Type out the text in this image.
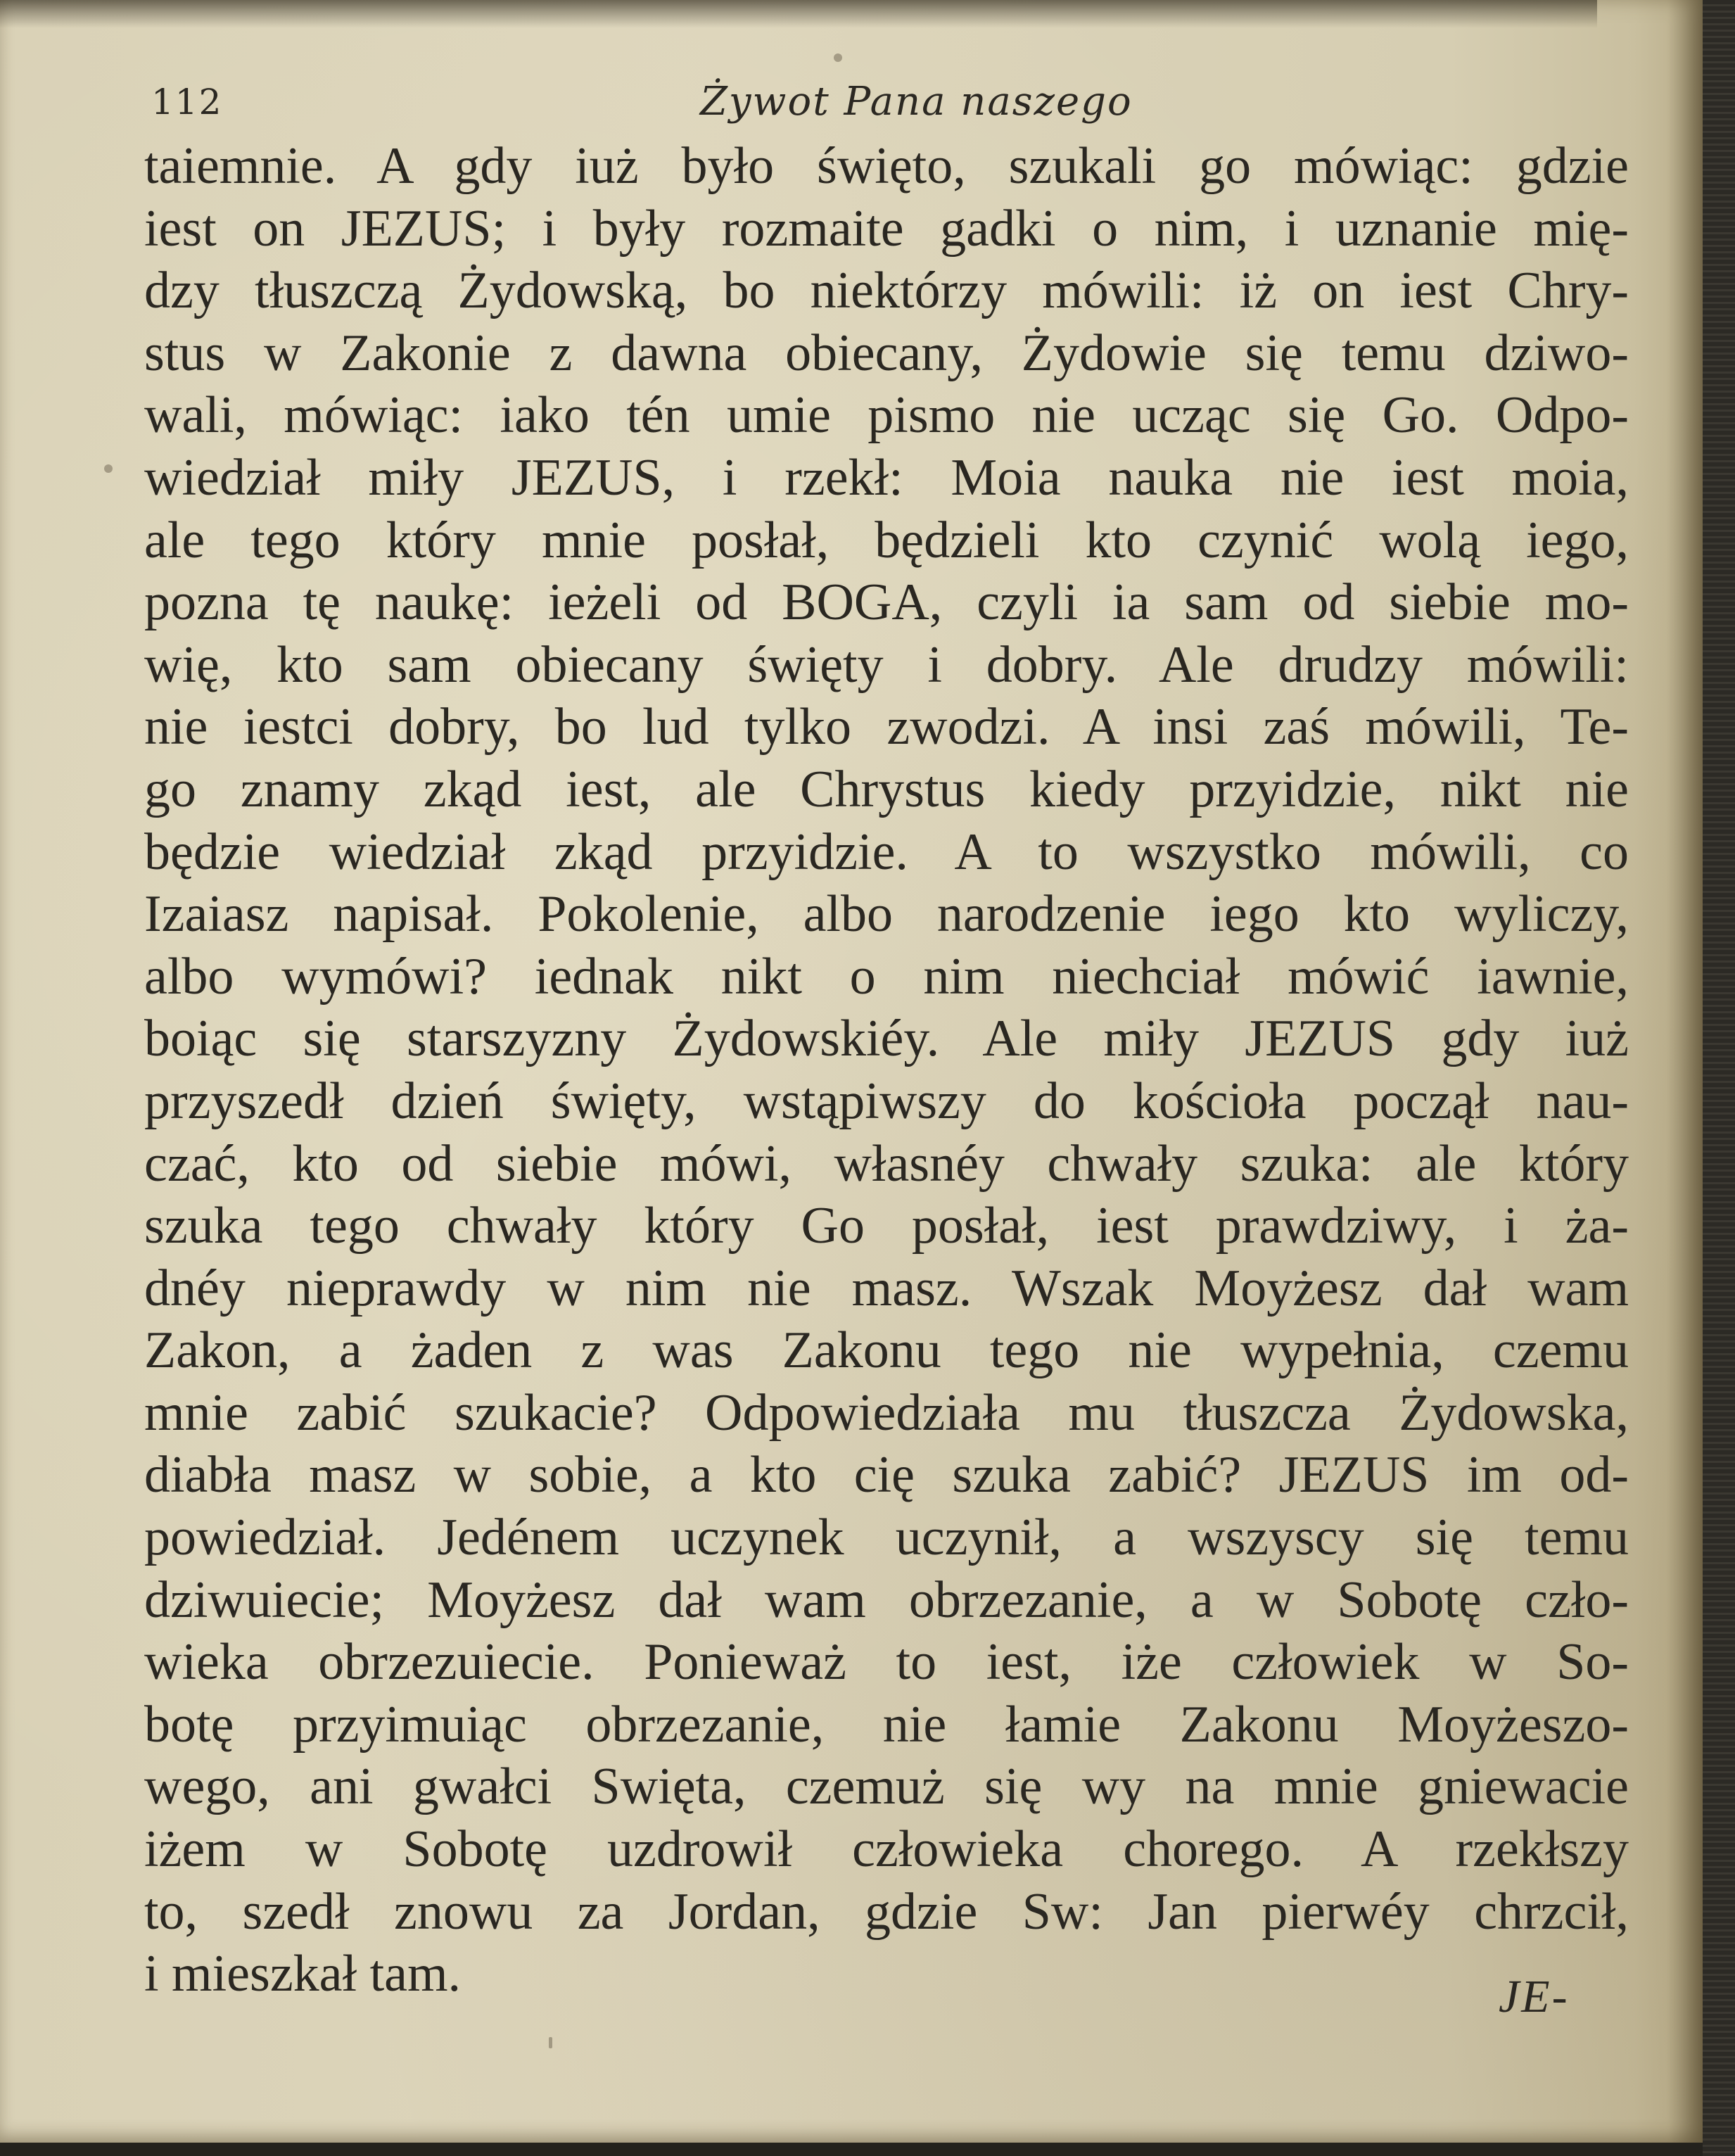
112	Żywot Pana naszego
taiemnie. A gdy iuż było święto, szukali go mówiąc: gdzie
iest on JEZUS; i były rozmaite gadki o nim, i uznanie mię-
dzy tłuszczą Żydowską, bo niektórzy mówili: iż on iest Chry-
stus w Zakonie z dawna obiecany, Żydowie się temu dziwo-
wali, mówiąc: iako tén umie pismo nie ucząc się Go. Odpo-
wiedział miły JEZUS, i rzekł: Moia nauka nie iest moia,
ale tego który mnie posłał, będzieli kto czynić wolą iego,
pozna tę naukę: ieżeli od BOGA, czyli ia sam od siebie mo-
wię, kto sam obiecany święty i dobry. Ale drudzy mówili:
nie iestci dobry, bo lud tylko zwodzi. A insi zaś mówili, Te-
go znamy zkąd iest, ale Chrystus kiedy przyidzie, nikt nie
będzie wiedział zkąd przyidzie. A to wszystko mówili, co
Izaiasz napisał. Pokolenie, albo narodzenie iego kto wyliczy,
albo wymówi? iednak nikt o nim niechciał mówić iawnie,
boiąc się starszyzny Żydowskiéy. Ale miły JEZUS gdy iuż
przyszedł dzień święty, wstąpiwszy do kościoła począł nau-
czać, kto od siebie mówi, własnéy chwały szuka: ale który
szuka tego chwały który Go posłał, iest prawdziwy, i ża-
dnéy nieprawdy w nim nie masz. Wszak Moyżesz dał wam
Zakon, a żaden z was Zakonu tego nie wypełnia, czemu
mnie zabić szukacie? Odpowiedziała mu tłuszcza Żydowska,
diabła masz w sobie, a kto cię szuka zabić? JEZUS im od-
powiedział. Jedénem uczynek uczynił, a wszyscy się temu
dziwuiecie; Moyżesz dał wam obrzezanie, a w Sobotę czło-
wieka obrzezuiecie. Ponieważ to iest, iże człowiek w So-
botę przyimuiąc obrzezanie, nie łamie Zakonu Moyżeszo-
wego, ani gwałci Swięta, czemuż się wy na mnie gniewacie
iżem w Sobotę uzdrowił człowieka chorego. A rzekłszy
to, szedł znowu za Jordan, gdzie Sw: Jan pierwéy chrzcił,
i mieszkał tam.	JE-
